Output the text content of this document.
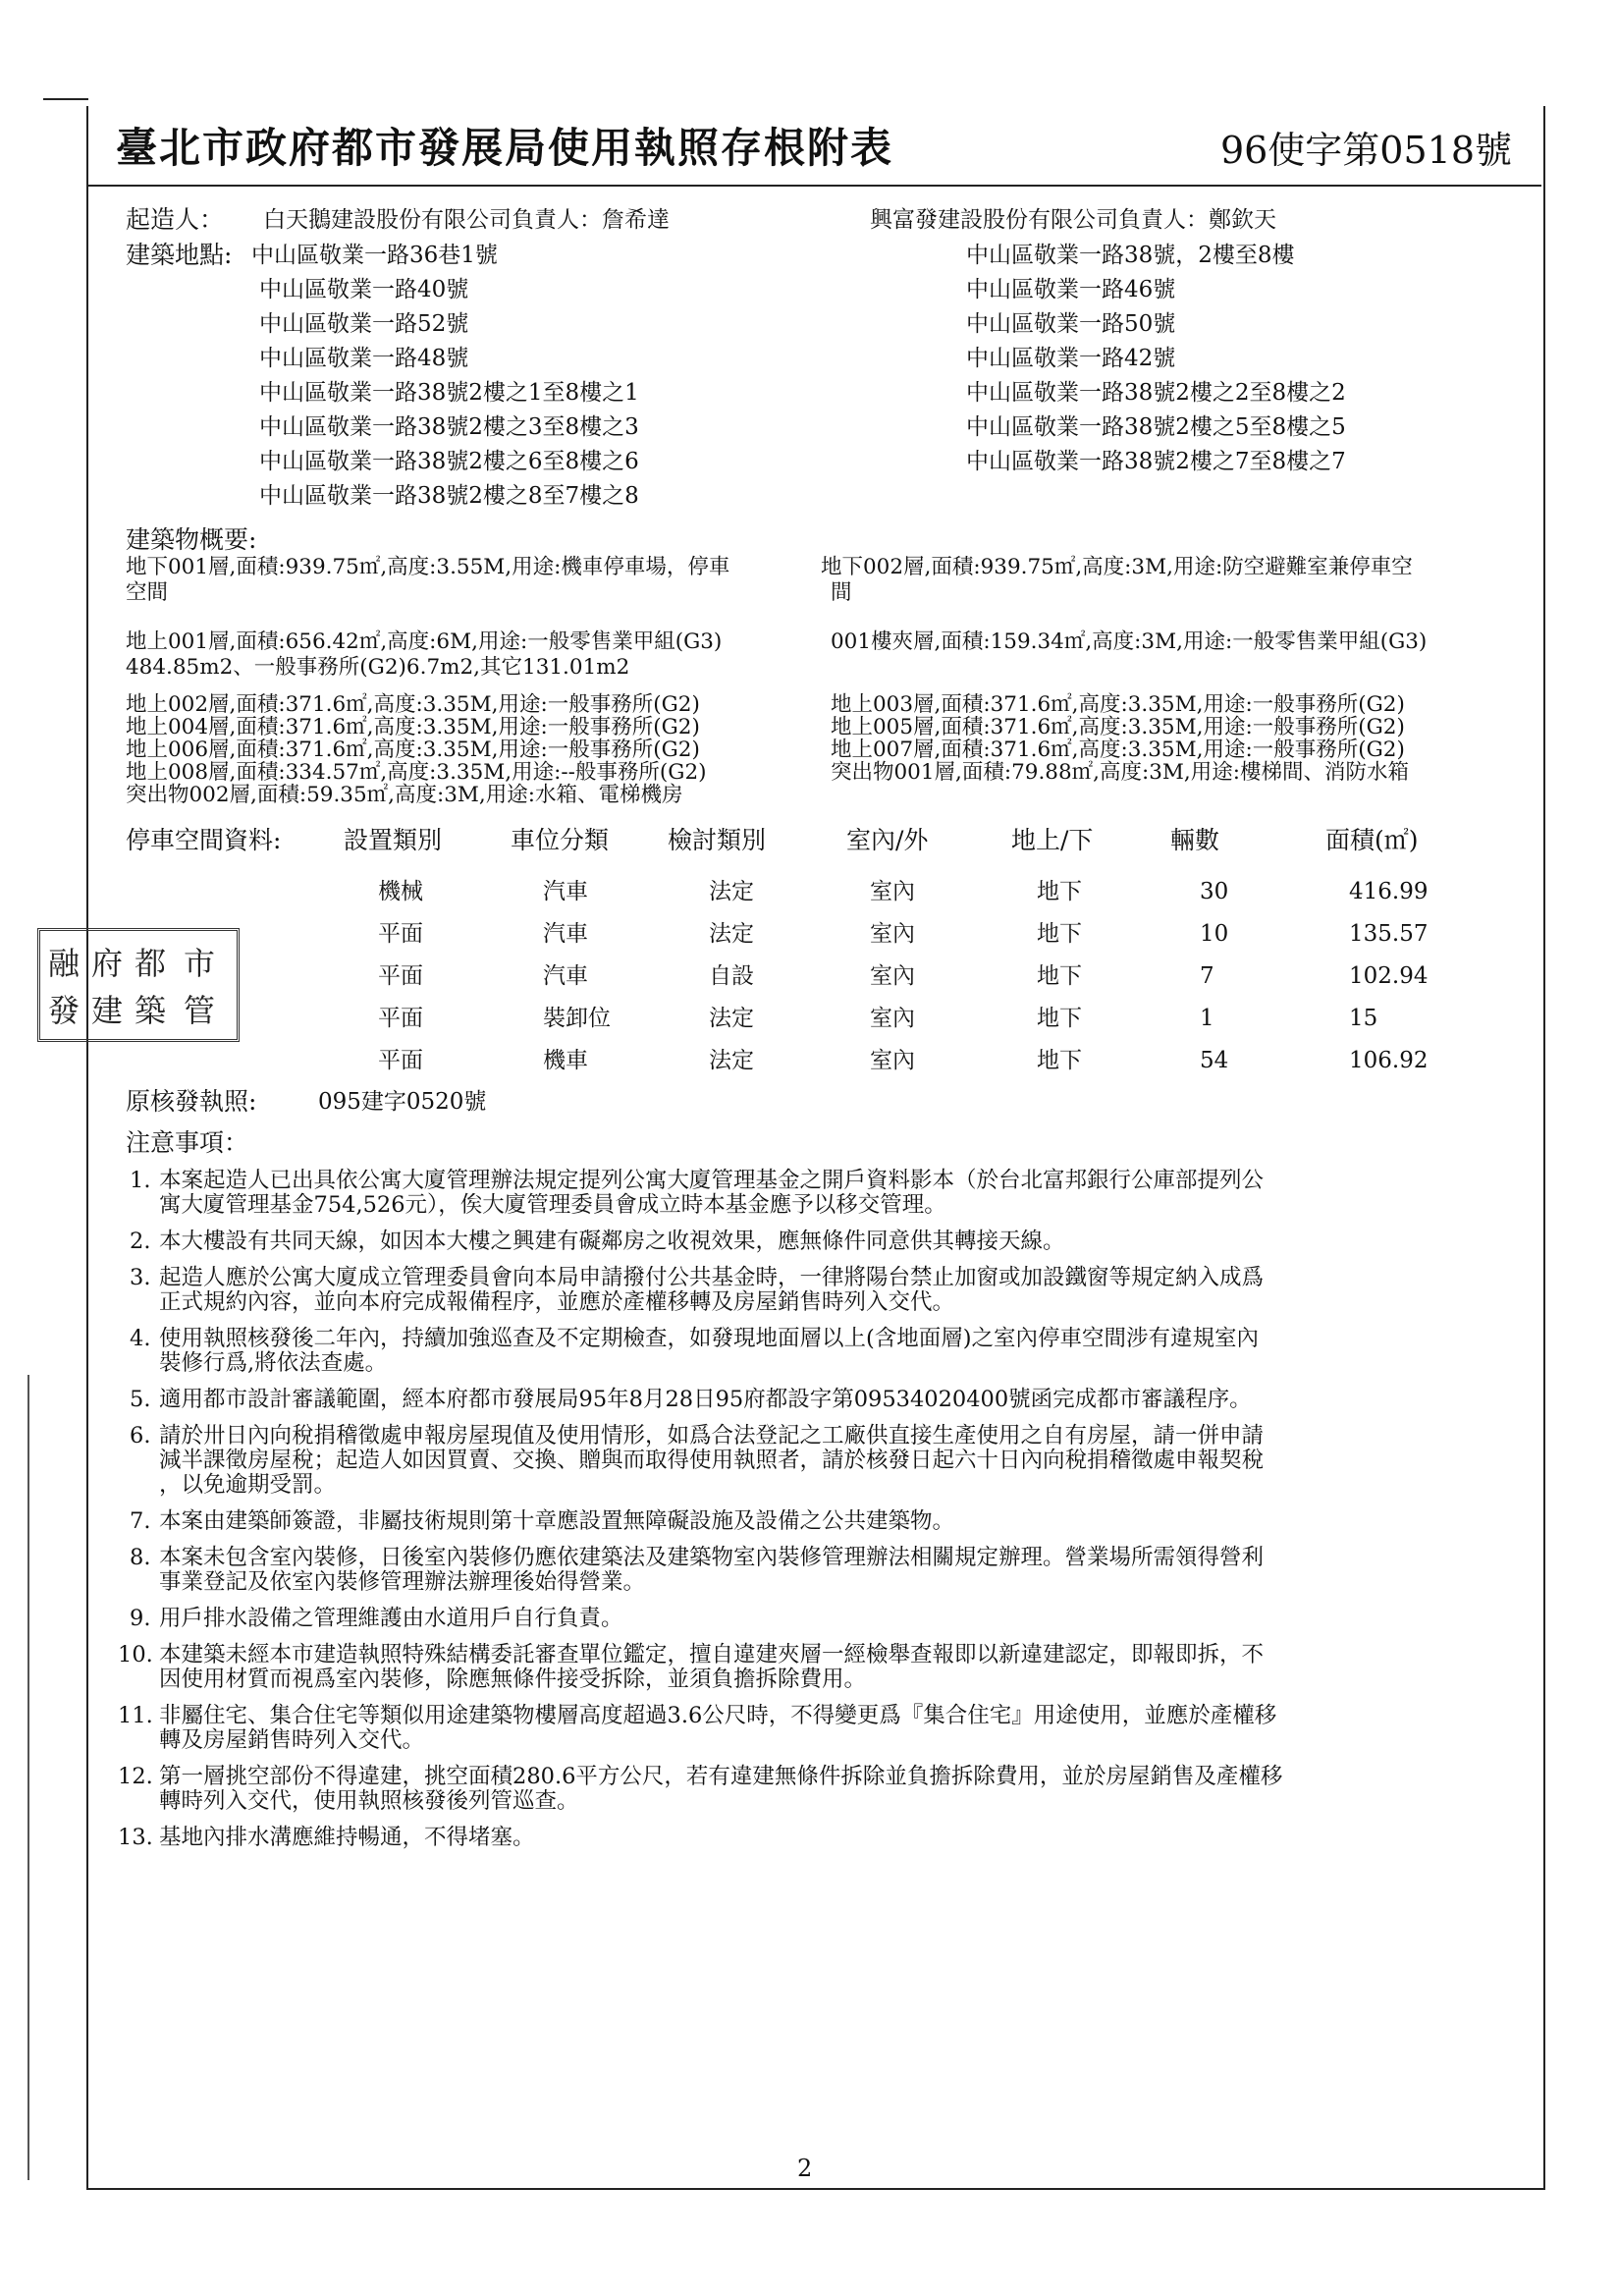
臺北市政府都市發展局使用執照存根附表	96使字第0518號
起造人： 白天鵝建設股份有限公司負責人：詹希達	興富發建設股份有限公司負責人：鄭欽天
建築地點: 中山區敬業一路36巷1號
中山區敬業一路40號
中山區敬業一路52號
中山區敬業一路48號
中山區敬業一路38號2樓之1至8樓之1
中山區敬業一路38號2樓之3至8樓之3
中山區敬業一路38號2樓之6至8樓之6
中山區敬業一路38號2樓之8至7樓之8
中山區敬業一路38號，2樓至8樓
中山區敬業一路46號
中山區敬業一路50號
中山區敬業一路42號
中山區敬業一路38號2樓之2至8樓之2
中山區敬業一路38號2樓之5至8樓之5
中山區敬業一路38號2樓之7至8樓之7
建築物概要:
地下001層,面積:939.75㎡,高度:3.55M,用途:機車停車場，停車
空間
地下002層,面積:939.75㎡,高度:3M,用途:防空避難室兼停車空
間
地上001層,面積:656.42㎡,高度:6M,用途:一般零售業甲組(G3)	001樓夾層,面積:159.34㎡,高度:3M,用途:一般零售業甲組(G3)
484.85m2、一般事務所(G2)6.7m2,其它131.01m2
地上002層,面積:371.6㎡,高度:3.35M,用途:一般事務所(G2)	地上003層,面積:371.6㎡,高度:3.35M,用途:一般事務所(G2)
地上004層,面積:371.6㎡,高度:3.35M,用途:一般事務所(G2)	地上005層,面積:371.6㎡,高度:3.35M,用途:一般事務所(G2)
地上006層,面積:371.6㎡,高度:3.35M,用途:一般事務所(G2)	地上007層,面積:371.6㎡,高度:3.35M,用途:一般事務所(G2)
地上008層,面積:334.57㎡,高度:3.35M,用途:--般事務所(G2)	突出物001層,面積:79.88㎡,高度:3M,用途:樓梯間、消防水箱
突出物002層,面積:59.35㎡,高度:3M,用途:水箱、電梯機房
停車空間資料:	設置類別	車位分類 檢討類別	室內/外	地上/下	輛數	面積(㎡)
機械	汽車	法定	室內	地下	30	416.99
平面	汽車	法定	室內	地下	10	135.57
平面	汽車	自設	室內	地下	7	102.94
平面	裝卸位	法定	室內	地下	1	15
平面	機車	法定	室內	地下	54	106.92
融 府 都 市
發 建 築 管
原核發執照:	095建字0520號
注意事項：
1. 本案起造人已出具依公寓大廈管理辦法規定提列公寓大廈管理基金之開戶資料影本（於台北富邦銀行公庫部提列公
寓大廈管理基金754,526元），俟大廈管理委員會成立時本基金應予以移交管理。
2. 本大樓設有共同天線，如因本大樓之興建有礙鄰房之收視效果，應無條件同意供其轉接天線。
3. 起造人應於公寓大廈成立管理委員會向本局申請撥付公共基金時，一律將陽台禁止加窗或加設鐵窗等規定納入成爲
正式規約內容，並向本府完成報備程序，並應於產權移轉及房屋銷售時列入交代。
4. 使用執照核發後二年內，持續加強巡查及不定期檢查，如發現地面層以上(含地面層)之室內停車空間涉有違規室內
裝修行爲,將依法查處。
5. 適用都市設計審議範圍，經本府都市發展局95年8月28日95府都設字第09534020400號函完成都市審議程序。
6. 請於卅日內向稅捐稽徵處申報房屋現值及使用情形，如爲合法登記之工廠供直接生產使用之自有房屋，請一併申請
減半課徵房屋稅；起造人如因買賣、交換、贈與而取得使用執照者，請於核發日起六十日內向稅捐稽徵處申報契稅
，以免逾期受罰。
7. 本案由建築師簽證，非屬技術規則第十章應設置無障礙設施及設備之公共建築物。
8. 本案未包含室內裝修，日後室內裝修仍應依建築法及建築物室內裝修管理辦法相關規定辦理。營業場所需領得營利
事業登記及依室內裝修管理辦法辦理後始得營業。
9. 用戶排水設備之管理維護由水道用戶自行負責。
10. 本建築未經本市建造執照特殊結構委託審查單位鑑定，擅自違建夾層一經檢舉查報即以新違建認定，即報即拆，不
因使用材質而視爲室內裝修，除應無條件接受拆除，並須負擔拆除費用。
11. 非屬住宅、集合住宅等類似用途建築物樓層高度超過3.6公尺時，不得變更爲『集合住宅』用途使用，並應於產權移
轉及房屋銷售時列入交代。
12. 第一層挑空部份不得違建，挑空面積280.6平方公尺，若有違建無條件拆除並負擔拆除費用，並於房屋銷售及產權移
轉時列入交代，使用執照核發後列管巡查。
13. 基地內排水溝應維持暢通，不得堵塞。
2
